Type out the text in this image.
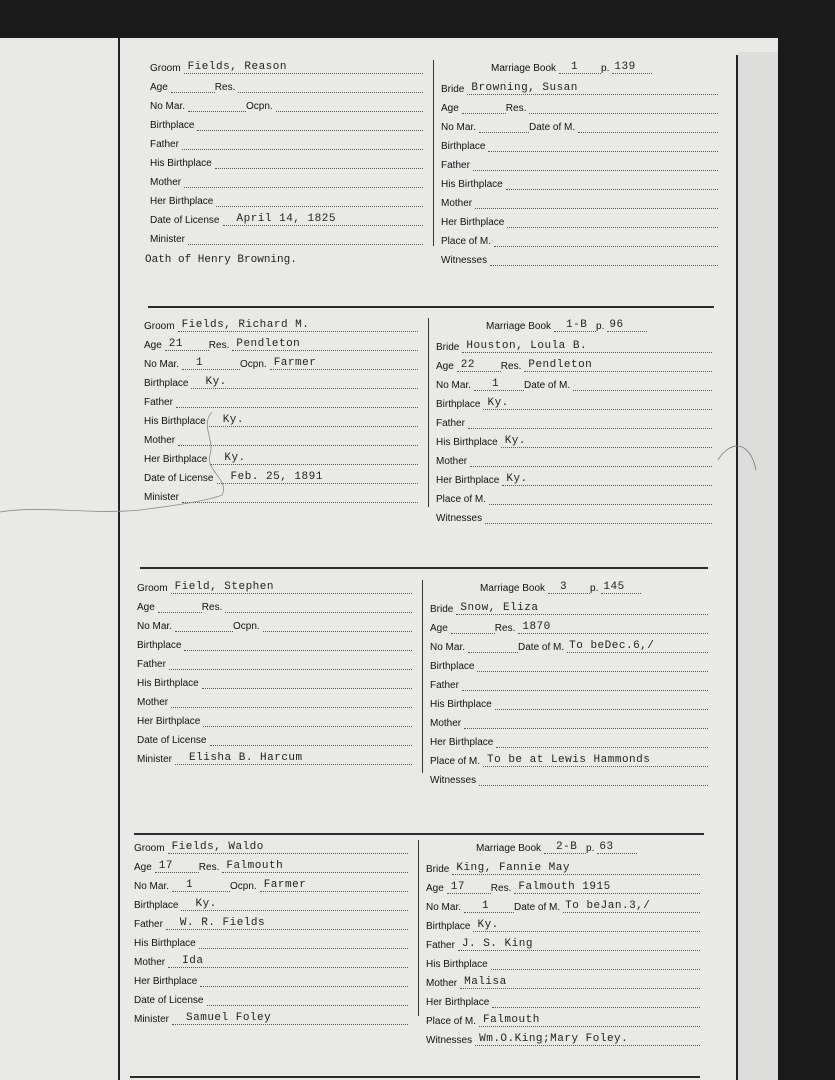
Groom Fields, Reason
Age	Res.
No Mar.	Ocpn.
Birthplace
Father
His Birthplace
Mother
Her Birthplace
Date of License April 14, 1825
Minister
Oath of Henry Browning.
Marriage Book 1 p. 139
Bride Browning, Susan
Age	Res.
No Mar.	Date of M.
Birthplace
Father
His Birthplace
Mother
Her Birthplace
Place of M.
Witnesses
Groom Fields, Richard M.
Age 21	Res. Pendleton
No Mar. 1	Ocpn. Farmer
Birthplace Ky.
Father
His Birthplace Ky.
Mother
Her Birthplace Ky.
Date of License Feb. 25, 1891
Minister
Marriage Book 1-B p. 96
Bride Houston, Loula B.
Age 22	Res. Pendleton
No Mar. 1 Date of M.
Birthplace Ky.
Father
His Birthplace Ky.
Mother
Her Birthplace Ky.
Place of M.
Witnesses
Groom Field, Stephen
Age	Res.
No Mar.	Ocpn.
Birthplace
Father
His Birthplace
Mother
Her Birthplace
Date of License
Minister Elisha B. Harcum
Marriage Book 3 p. 145
Bride Snow, Eliza
Age	Res. 1870
No Mar.	Date of M. To beDec.6,/
Birthplace
Father
His Birthplace
Mother
Her Birthplace
Place of M. To be at Lewis Hammonds
Witnesses
Groom Fields, Waldo
Age 17	Res. Falmouth
No Mar. 1	Ocpn. Farmer
Birthplace Ky.
Father W. R. Fields
His Birthplace
Mother Ida
Her Birthplace
Date of License
Minister Samuel Foley
Marriage Book 2-B p. 63
Bride King, Fannie May
Age 17	Res. Falmouth 1915
No Mar. 1 Date of M. To beJan.3,/
Birthplace Ky.
Father J. S. King
His Birthplace
Mother Malisa
Her Birthplace
Place of M. Falmouth
Witnesses Wm.O.King;Mary Foley.
